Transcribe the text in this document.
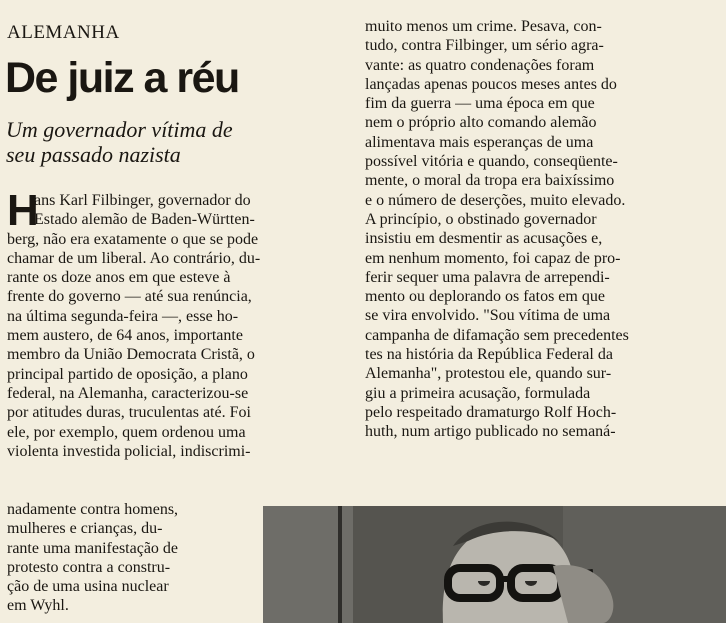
ALEMANHA
De juiz a réu
Um governador vítima de
seu passado nazista
H
ans Karl Filbinger, governador do
Estado alemão de Baden-Württen-
berg, não era exatamente o que se pode
chamar de um liberal. Ao contrário, du-
rante os doze anos em que esteve à
frente do governo — até sua renúncia,
na última segunda-feira —, esse ho-
mem austero, de 64 anos, importante
membro da União Democrata Cristã, o
principal partido de oposição, a plano
federal, na Alemanha, caracterizou-se
por atitudes duras, truculentas até. Foi
ele, por exemplo, quem ordenou uma
violenta investida policial, indiscrimi-
nadamente contra homens,
mulheres e crianças, du-
rante uma manifestação de
protesto contra a constru-
ção de uma usina nuclear
em Wyhl.
muito menos um crime. Pesava, con-
tudo, contra Filbinger, um sério agra-
vante: as quatro condenações foram
lançadas apenas poucos meses antes do
fim da guerra — uma época em que
nem o próprio alto comando alemão
alimentava mais esperanças de uma
possível vitória e quando, conseqüente-
mente, o moral da tropa era baixíssimo
e o número de deserções, muito elevado.
A princípio, o obstinado governador
insistiu em desmentir as acusações e,
em nenhum momento, foi capaz de pro-
ferir sequer uma palavra de arrependi-
mento ou deplorando os fatos em que
se vira envolvido. "Sou vítima de uma
campanha de difamação sem precedentes
tes na história da República Federal da
Alemanha", protestou ele, quando sur-
giu a primeira acusação, formulada
pelo respeitado dramaturgo Rolf Hoch-
huth, num artigo publicado no semaná-
